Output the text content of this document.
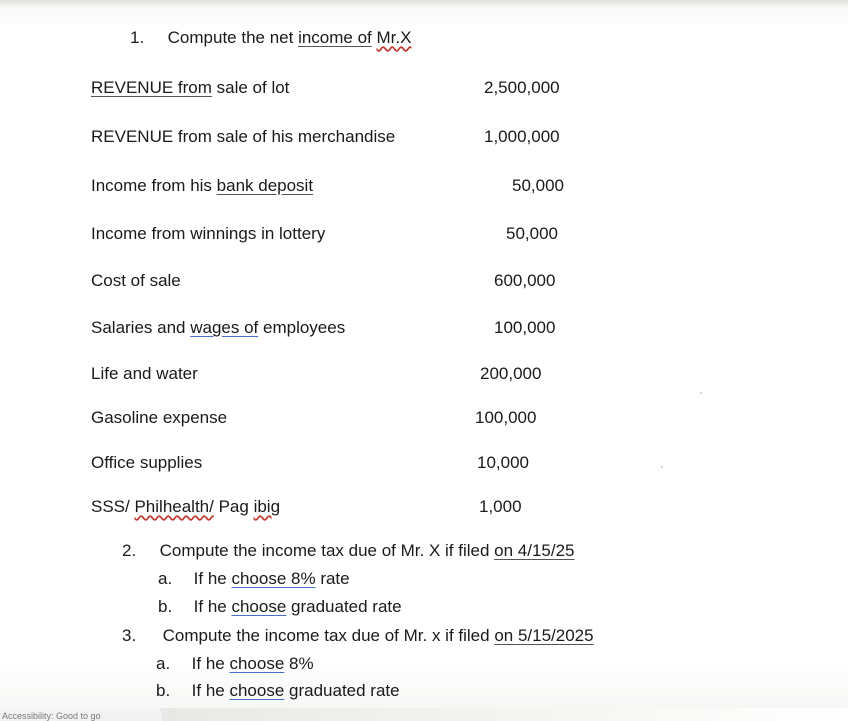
1. Compute the net income of Mr.X
REVENUE from sale of lot	2,500,000
REVENUE from sale of his merchandise	1,000,000
Income from his bank deposit	50,000
Income from winnings in lottery	50,000
Cost of sale	600,000
Salaries and wages of employees	100,000
Life and water	200,000
Gasoline expense	100,000
Office supplies	10,000
SSS/ Philhealth/ Pag ibig	1,000
2. Compute the income tax due of Mr. X if filed on 4/15/25
a. If he choose 8% rate
b. If he choose graduated rate
3. Compute the income tax due of Mr. x if filed on 5/15/2025
a. If he choose 8%
b. If he choose graduated rate
Accessibility: Good to go
